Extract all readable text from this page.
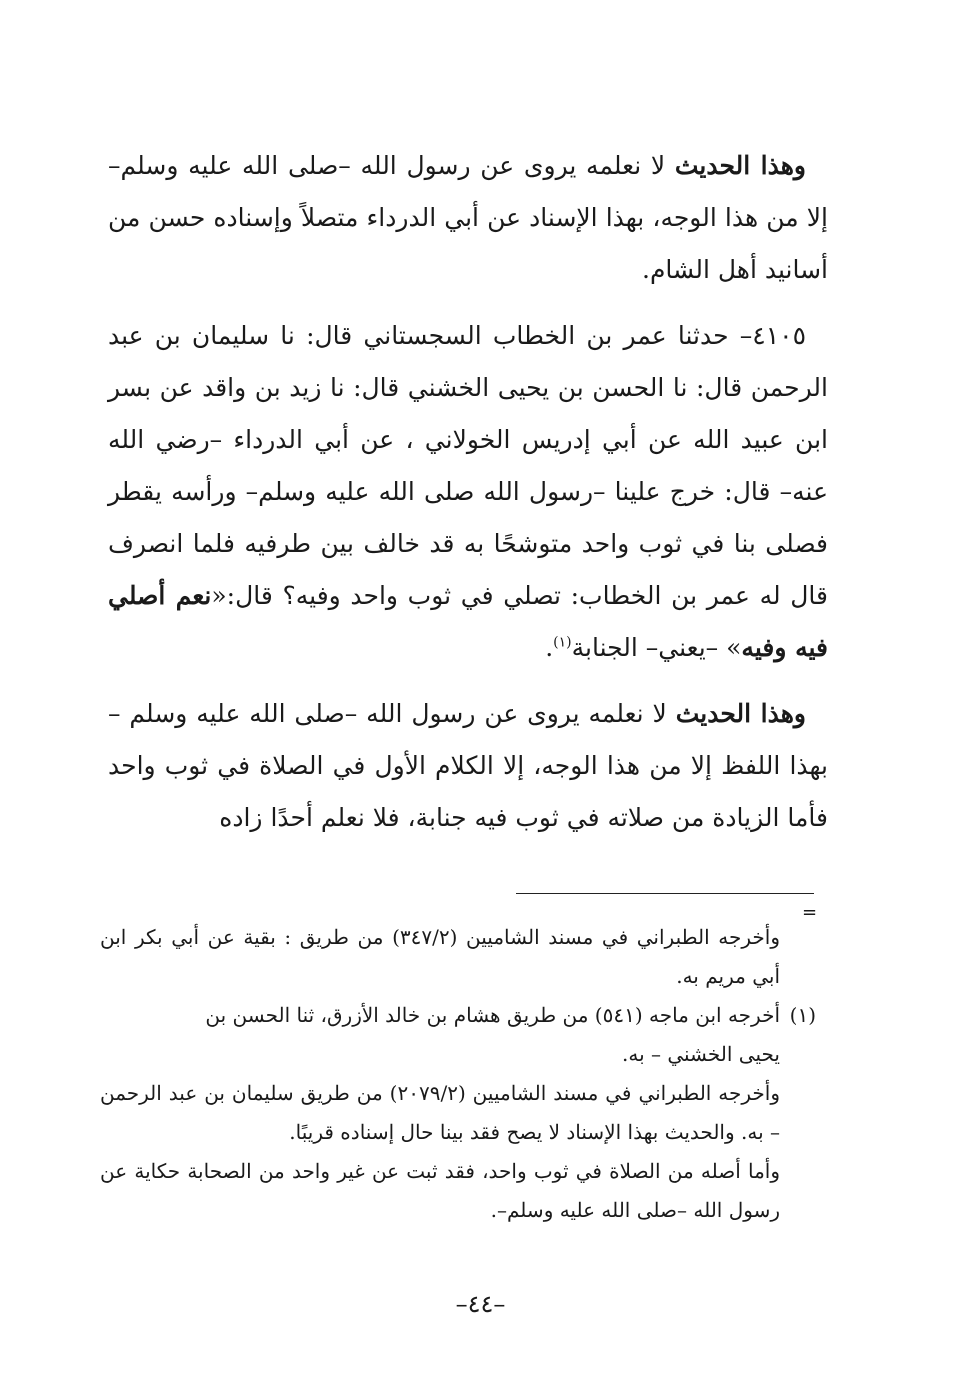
وهذا الحديث لا نعلمه يروى عن رسول الله –صلى الله عليه وسلم– إلا من هذا الوجه، بهذا الإسناد عن أبي الدرداء متصلاً وإسناده حسن من أسانيد أهل الشام.

٤١٠٥– حدثنا عمر بن الخطاب السجستاني قال: نا سليمان بن عبد الرحمن قال: نا الحسن بن يحيى الخشني قال: نا زيد بن واقد عن بسر ابن عبيد الله عن أبي إدريس الخولاني ، عن أبي الدرداء –رضي الله عنه– قال: خرج علينا –رسول الله صلى الله عليه وسلم– ورأسه يقطر فصلى بنا في ثوب واحد متوشحًا به قد خالف بين طرفيه فلما انصرف قال له عمر بن الخطاب: تصلي في ثوب واحد وفيه؟ قال:«نعم أصلي فيه وفيه» –يعني– الجنابة$^{(١)}$.

وهذا الحديث لا نعلمه يروى عن رسول الله –صلى الله عليه وسلم – بهذا اللفظ إلا من هذا الوجه، إلا الكلام الأول في الصلاة في ثوب واحد فأما الزيادة من صلاته في ثوب فيه جنابة، فلا نعلم أحدًا زاده

=

وأخرجه الطبراني في مسند الشاميين (٣٤٧/٢) من طريق : بقية عن أبي بكر ابن أبي مريم به.

(١)أخرجه ابن ماجه (٥٤١) من طريق هشام بن خالد الأزرق، ثنا الحسن بن
يحيى الخشني – به.

وأخرجه الطبراني في مسند الشاميين (٢٠٧٩/٢) من طريق سليمان بن عبد الرحمن – به. والحديث بهذا الإسناد لا يصح فقد بينا حال إسناده قريبًا.

وأما أصله من الصلاة في ثوب واحد، فقد ثبت عن غير واحد من الصحابة حكاية عن رسول الله –صلى الله عليه وسلم–.

–٤٤–
